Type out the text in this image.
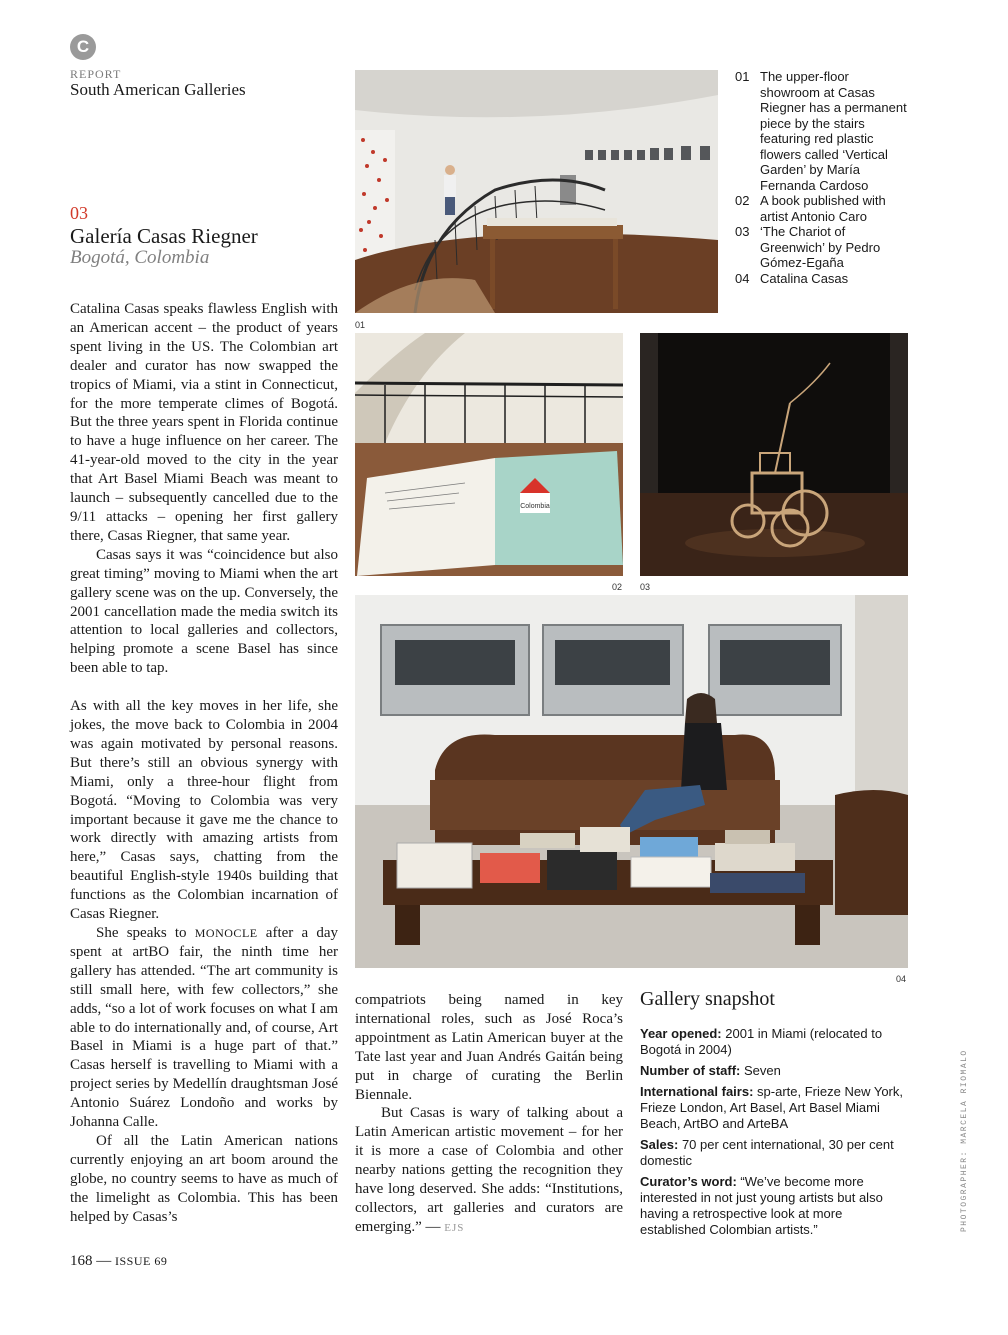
C
REPORT
South American Galleries
03
Galería Casas Riegner
Bogotá, Colombia

Catalina Casas speaks flawless English with an American accent – the product of years spent living in the US. The Colombian art dealer and curator has now swapped the tropics of Miami, via a stint in Connecticut, for the more temperate climes of Bogotá. But the three years spent in Florida continue to have a huge influence on her career. The 41-year-old moved to the city in the year that Art Basel Miami Beach was meant to launch – subsequently cancelled due to the 9/11 attacks – opening her first gallery there, Casas Riegner, that same year.

Casas says it was “coincidence but also great timing” moving to Miami when the art gallery scene was on the up. Conversely, the 2001 cancellation made the media switch its attention to local galleries and collectors, helping promote a scene Basel has since been able to tap.

As with all the key moves in her life, she jokes, the move back to Colombia in 2004 was again motivated by personal reasons. But there’s still an obvious synergy with Miami, only a three-hour flight from Bogotá. “Moving to Colombia was very important because it gave me the chance to work directly with amazing artists from here,” Casas says, chatting from the beautiful English-style 1940s building that functions as the Colombian incarnation of Casas Riegner.

She speaks to MONOCLE after a day spent at artBO fair, the ninth time her gallery has attended. “The art community is still small here, with few collectors,” she adds, “so a lot of work focuses on what I am able to do internationally and, of course, Art Basel in Miami is a huge part of that.” Casas herself is travelling to Miami with a project series by Medellín draughtsman José Antonio Suárez Londoño and works by Johanna Calle.

Of all the Latin American nations currently enjoying an art boom around the globe, no country seems to have as much of the limelight as Colombia. This has been helped by Casas’s

compatriots being named in key international roles, such as José Roca’s appointment as Latin American buyer at the Tate last year and Juan Andrés Gaitán being put in charge of curating the Berlin Biennale.

But Casas is wary of talking about a Latin American artistic movement – for her it is more a case of Colombia and other nearby nations getting the recognition they have long deserved. She adds: “Institutions, collectors, art galleries and curators are emerging.” — EJS

01
01 The upper-floor showroom at Casas Riegner has a permanent piece by the stairs featuring red plastic flowers called ‘Vertical Garden’ by María Fernanda Cardoso
02 A book published with artist Antonio Caro
03 ‘The Chariot of Greenwich’ by Pedro Gómez-Egaña
04 Catalina Casas
Colombia
02 03
04
Gallery snapshot
Year opened: 2001 in Miami (relocated to Bogotá in 2004)
Number of staff: Seven
International fairs: sp-arte, Frieze New York, Frieze London, Art Basel, Art Basel Miami Beach, ArtBO and ArteBA
Sales: 70 per cent international, 30 per cent domestic
Curator’s word: “We’ve become more interested in not just young artists but also having a retrospective look at more established Colombian artists.”	PHOTOGRAPHER: MARCELA RIOMALO
168 — ISSUE 69
